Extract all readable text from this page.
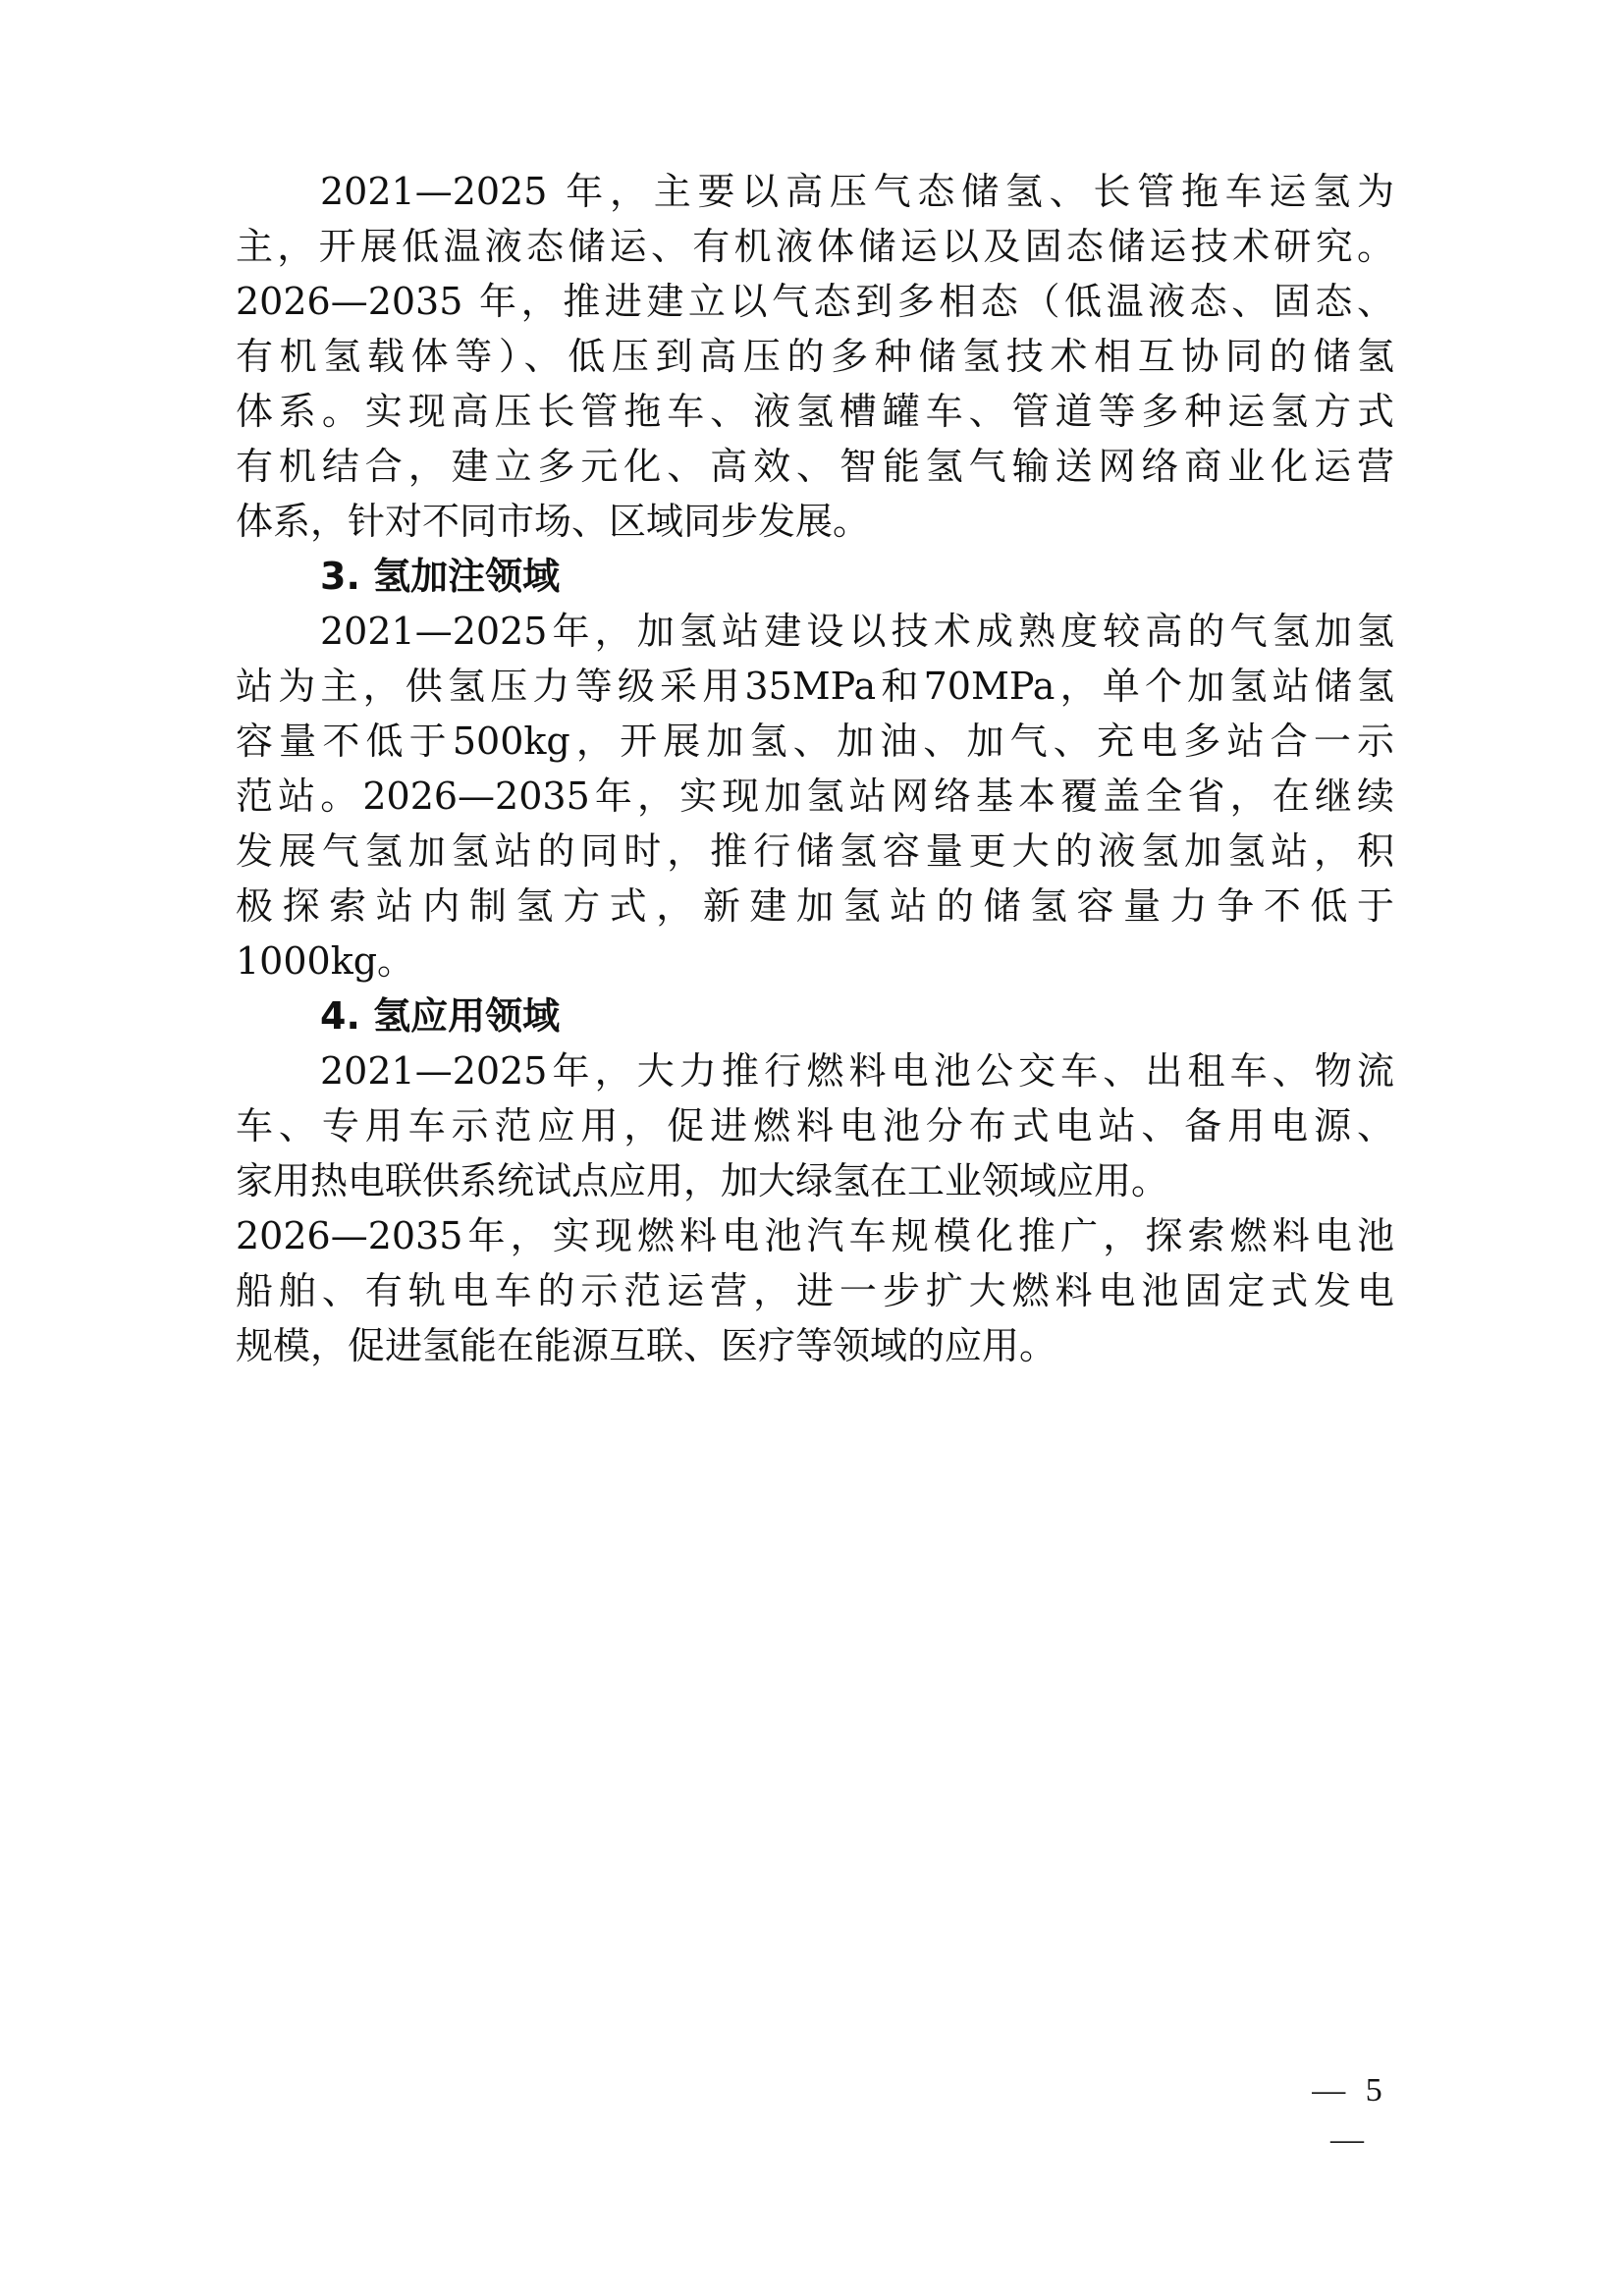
2021—2025 年，主要以高压气态储氢、长管拖车运氢为
主，开展低温液态储运、有机液体储运以及固态储运技术研究。
2026—2035 年，推进建立以气态到多相态（低温液态、固态、
有机氢载体等）、低压到高压的多种储氢技术相互协同的储氢
体系。实现高压长管拖车、液氢槽罐车、管道等多种运氢方式
有机结合，建立多元化、高效、智能氢气输送网络商业化运营
体系，针对不同市场、区域同步发展。
3. 氢加注领域
2021—2025年，加氢站建设以技术成熟度较高的气氢加氢
站为主，供氢压力等级采用35MPa和70MPa，单个加氢站储氢
容量不低于500kg，开展加氢、加油、加气、充电多站合一示
范站。2026—2035年，实现加氢站网络基本覆盖全省，在继续
发展气氢加氢站的同时，推行储氢容量更大的液氢加氢站，积
极探索站内制氢方式，新建加氢站的储氢容量力争不低于
1000kg。
4. 氢应用领域
2021—2025年，大力推行燃料电池公交车、出租车、物流
车、专用车示范应用，促进燃料电池分布式电站、备用电源、
家用热电联供系统试点应用，加大绿氢在工业领域应用。
2026—2035年，实现燃料电池汽车规模化推广，探索燃料电池
船舶、有轨电车的示范运营，进一步扩大燃料电池固定式发电
规模，促进氢能在能源互联、医疗等领域的应用。
— 5 —
